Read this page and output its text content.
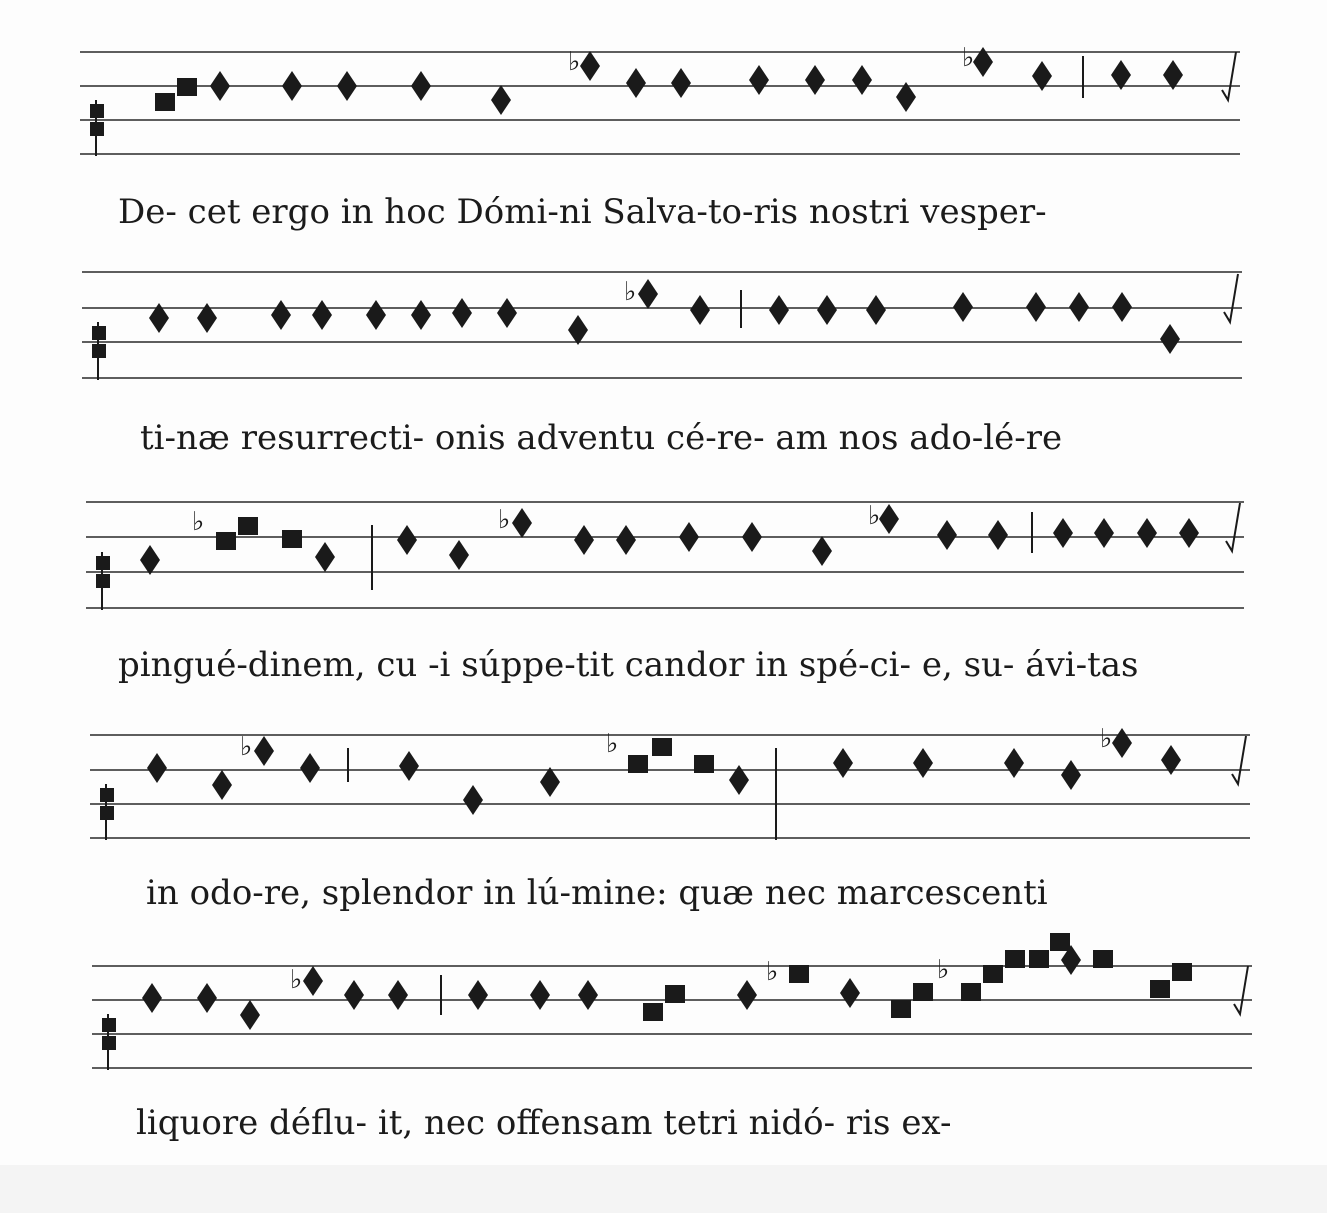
♭	♭
♭
♭	♭	♭
♭	♭	♭
♭	♭	♭
De- cet ergo in hoc Dómi-ni Salva-to-ris nostri vesper-
ti-næ resurrecti- onis adventu cé-re- am nos ado-lé-re
pingué-dinem, cu -i súppe-tit candor in spé-ci- e, su- ávi-tas
in odo-re, splendor in lú-mine: quæ nec marcescenti
liquore déflu- it, nec offensam tetri nidó- ris ex-
